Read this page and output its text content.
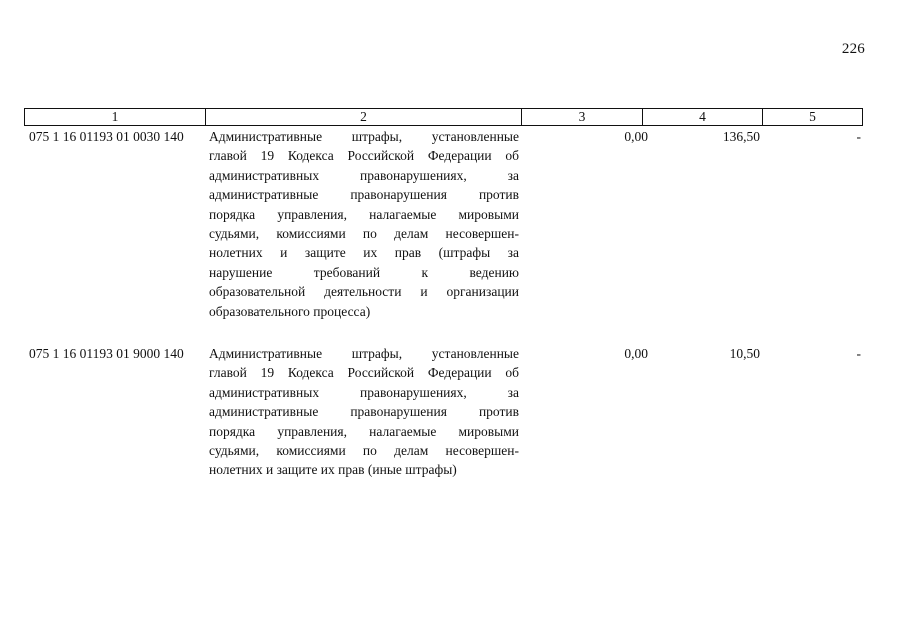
226
1	2	3	4	5
075 1 16 01193 01 0030 140 Административные штрафы, установленные
главой 19 Кодекса Российской Федерации об
административных правонарушениях, за
административные правонарушения против
порядка управления, налагаемые мировыми
судьями, комиссиями по делам несовершен-
нолетних и защите их прав (штрафы за
нарушение требований к ведению
образовательной деятельности и организации
образовательного процесса)
0,00	136,50	-
075 1 16 01193 01 9000 140 Административные штрафы, установленные
главой 19 Кодекса Российской Федерации об
административных правонарушениях, за
административные правонарушения против
порядка управления, налагаемые мировыми
судьями, комиссиями по делам несовершен-
нолетних и защите их прав (иные штрафы)
0,00	10,50	-
